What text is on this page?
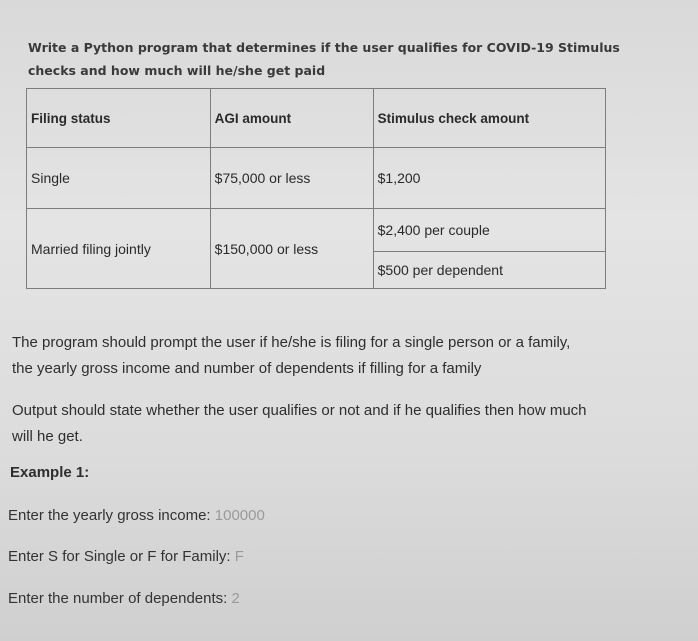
Write a Python program that determines if the user qualifies for COVID-19 Stimulus
checks and how much will he/she get paid
Filing status	AGI amount	Stimulus check amount
Single	$75,000 or less	$1,200
Married filing jointly	$150,000 or less	$2,400 per couple
		$500 per dependent
The program should prompt the user if he/she is filing for a single person or a family,
the yearly gross income and number of dependents if filling for a family
Output should state whether the user qualifies or not and if he qualifies then how much
will he get.
Example 1:
Enter the yearly gross income: 100000
Enter S for Single or F for Family: F
Enter the number of dependents: 2
